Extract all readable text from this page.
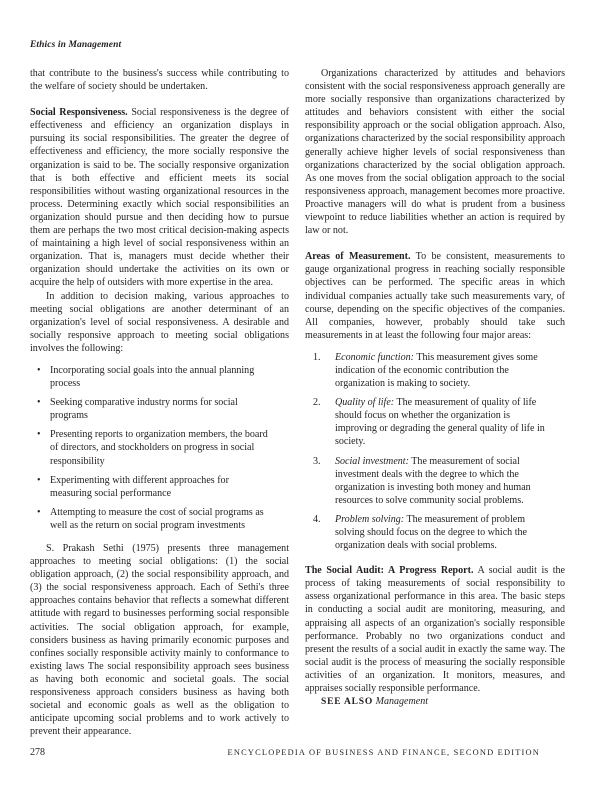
Ethics in Management

that contribute to the business's success while contributing to the welfare of society should be undertaken.

Social Responsiveness. Social responsiveness is the degree of effectiveness and efficiency an organization displays in pursuing its social responsibilities. The greater the degree of effectiveness and efficiency, the more socially responsive the organization is said to be. The socially responsive organization that is both effective and efficient meets its social responsibilities without wasting organizational resources in the process. Determining exactly which social responsibilities an organization should pursue and then deciding how to pursue them are perhaps the two most critical decision-making aspects of maintaining a high level of social responsiveness within an organization. That is, managers must decide whether their organization should undertake the activities on its own or acquire the help of outsiders with more expertise in the area.

In addition to decision making, various approaches to meeting social obligations are another determinant of an organization's level of social responsiveness. A desirable and socially responsive approach to meeting social obligations involves the following:

• Incorporating social goals into the annual planning process
• Seeking comparative industry norms for social programs
• Presenting reports to organization members, the board of directors, and stockholders on progress in social responsibility
• Experimenting with different approaches for measuring social performance
• Attempting to measure the cost of social programs as well as the return on social program investments

S. Prakash Sethi (1975) presents three management approaches to meeting social obligations: (1) the social obligation approach, (2) the social responsibility approach, and (3) the social responsiveness approach. Each of Sethi's three approaches contains behavior that reflects a somewhat different attitude with regard to businesses performing social responsible activities. The social obligation approach, for example, considers business as having primarily economic purposes and confines socially responsible activity mainly to conformance to existing laws The social responsibility approach sees business as having both economic and societal goals. The social responsiveness approach considers business as having both societal and economic goals as well as the obligation to anticipate upcoming social problems and to work actively to prevent their appearance.

Organizations characterized by attitudes and behaviors consistent with the social responsiveness approach generally are more socially responsive than organizations characterized by attitudes and behaviors consistent with either the social responsibility approach or the social obligation approach. Also, organizations characterized by the social responsibility approach generally achieve higher levels of social responsiveness than organizations characterized by the social obligation approach. As one moves from the social obligation approach to the social responsiveness approach, management becomes more proactive. Proactive managers will do what is prudent from a business viewpoint to reduce liabilities whether an action is required by law or not.

Areas of Measurement. To be consistent, measurements to gauge organizational progress in reaching socially responsible objectives can be performed. The specific areas in which individual companies actually take such measurements vary, of course, depending on the specific objectives of the companies. All companies, however, probably should take such measurements in at least the following four major areas:

1. Economic function: This measurement gives some indication of the economic contribution the organization is making to society.
2. Quality of life: The measurement of quality of life should focus on whether the organization is improving or degrading the general quality of life in society.
3. Social investment: The measurement of social investment deals with the degree to which the organization is investing both money and human resources to solve community social problems.
4. Problem solving: The measurement of problem solving should focus on the degree to which the organization deals with social problems.

The Social Audit: A Progress Report. A social audit is the process of taking measurements of social responsibility to assess organizational performance in this area. The basic steps in conducting a social audit are monitoring, measuring, and appraising all aspects of an organization's socially responsible performance. Probably no two organizations conduct and present the results of a social audit in exactly the same way. The social audit is the process of measuring the socially responsible activities of an organization. It monitors, measures, and appraises socially responsible performance.

SEE ALSO Management

278	ENCYCLOPEDIA OF BUSINESS AND FINANCE, SECOND EDITION
